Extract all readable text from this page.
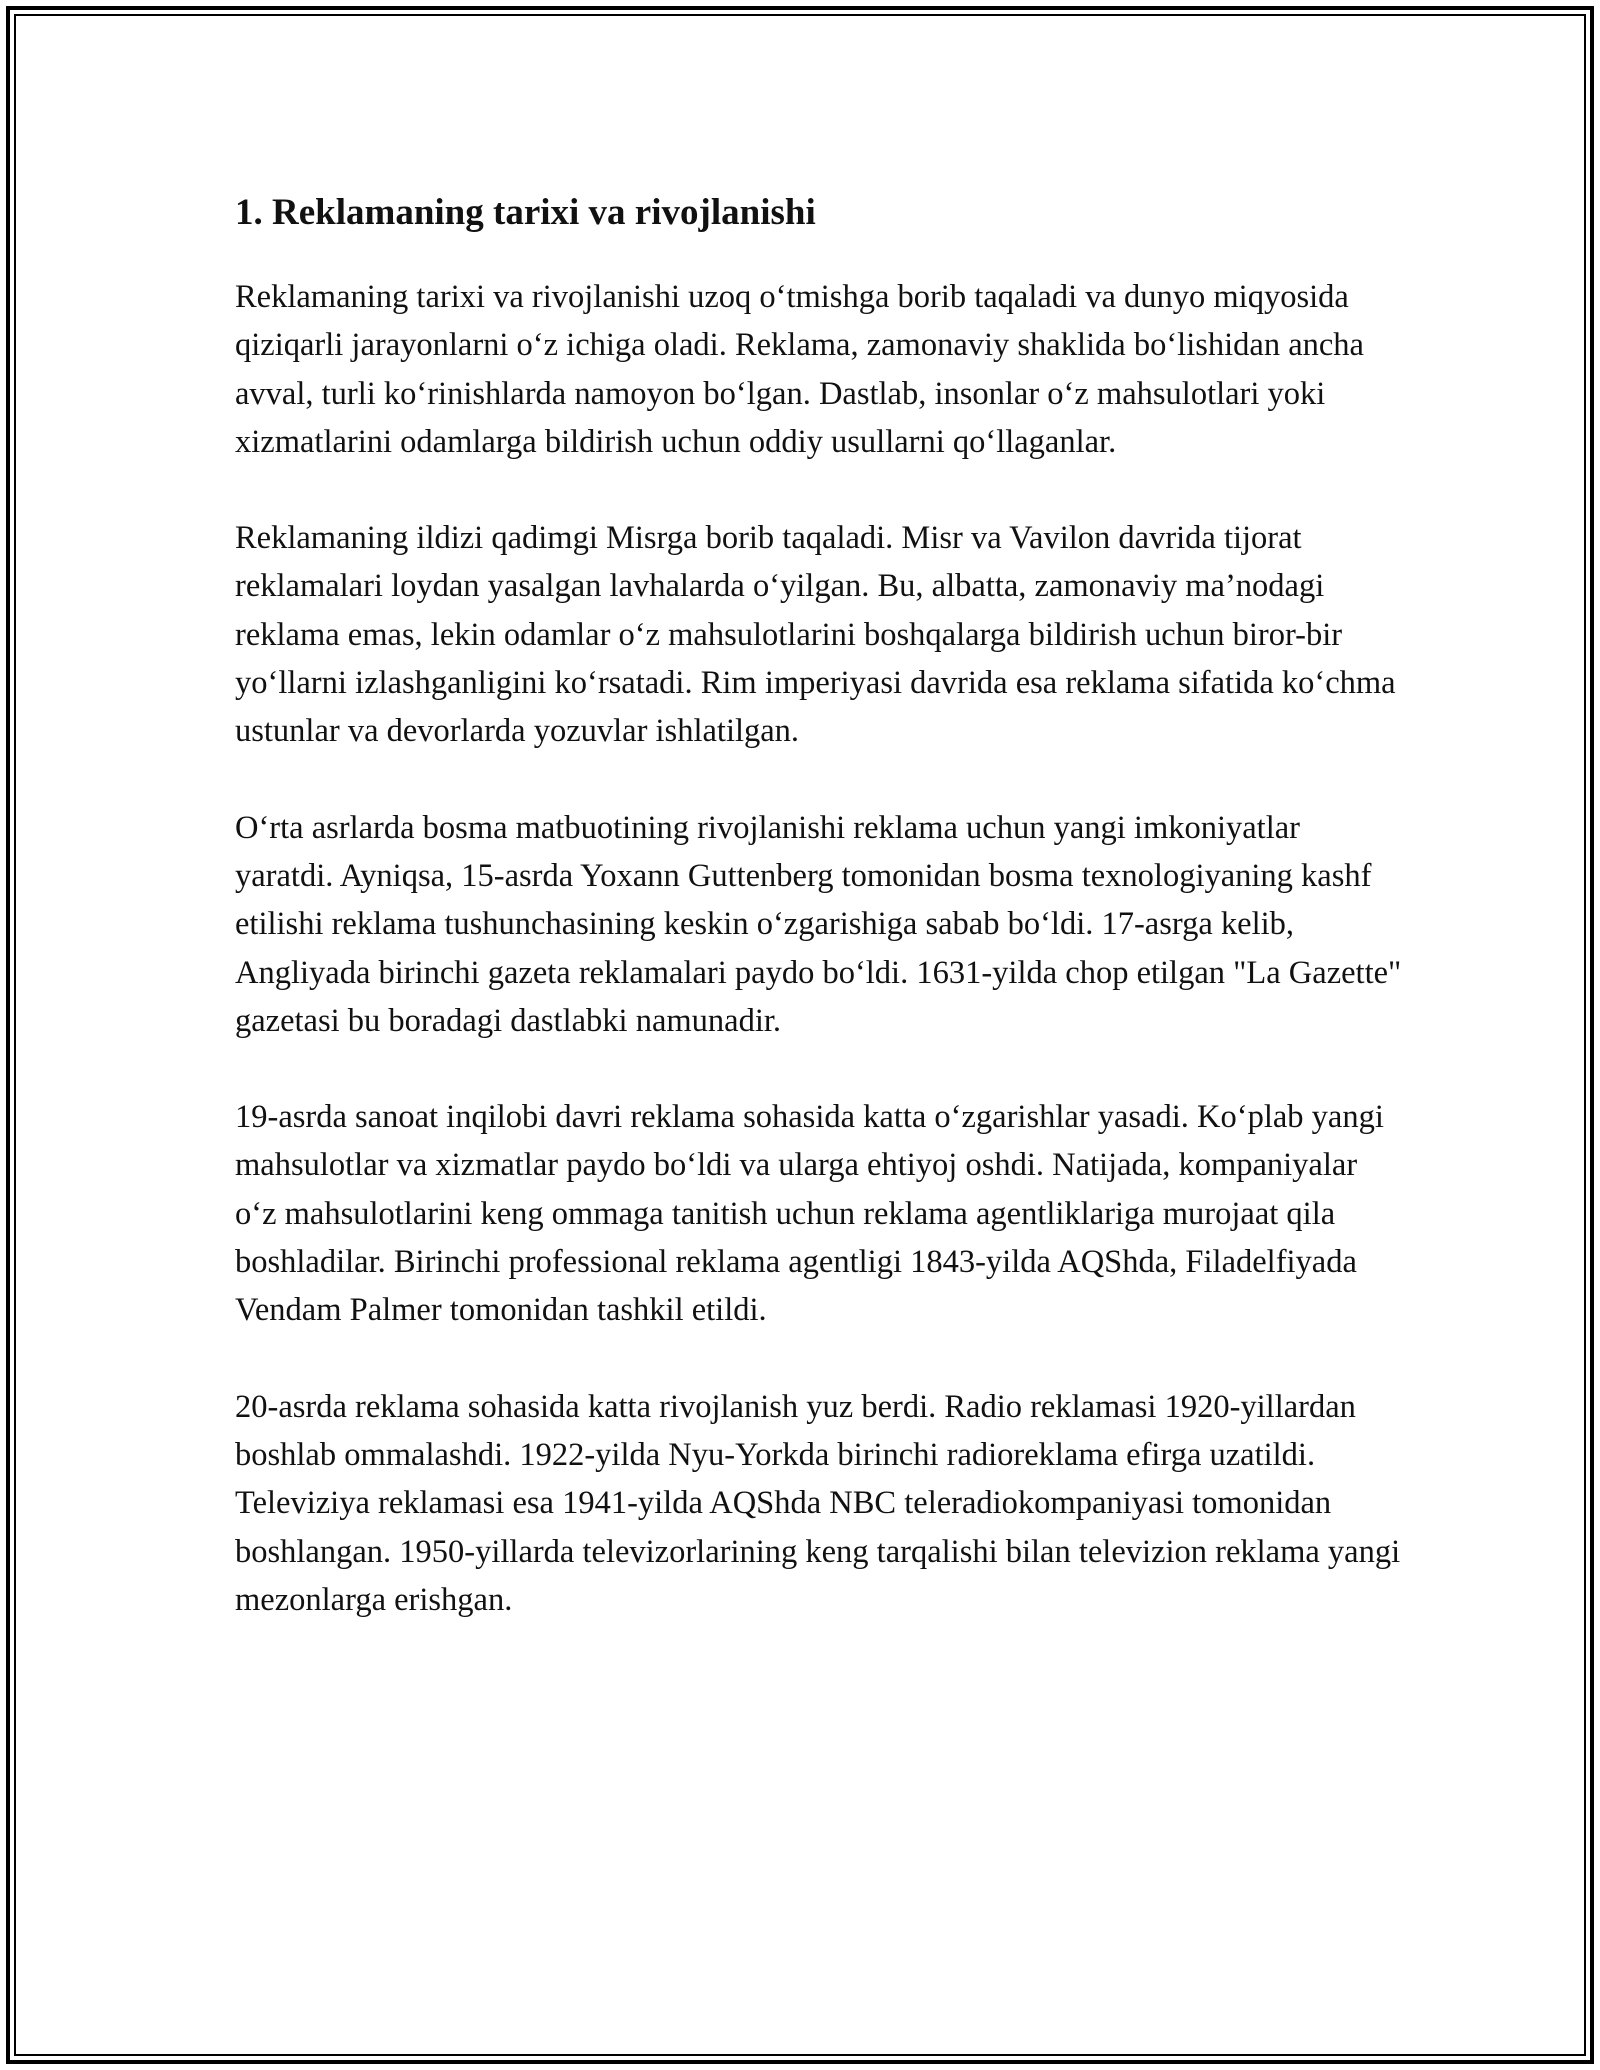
1. Reklamaning tarixi va rivojlanishi

Reklamaning tarixi va rivojlanishi uzoq o‘tmishga borib taqaladi va dunyo miqyosida qiziqarli jarayonlarni o‘z ichiga oladi. Reklama, zamonaviy shaklida bo‘lishidan ancha avval, turli ko‘rinishlarda namoyon bo‘lgan. Dastlab, insonlar o‘z mahsulotlari yoki xizmatlarini odamlarga bildirish uchun oddiy usullarni qo‘llaganlar.

Reklamaning ildizi qadimgi Misrga borib taqaladi. Misr va Vavilon davrida tijorat reklamalari loydan yasalgan lavhalarda o‘yilgan. Bu, albatta, zamonaviy ma’nodagi reklama emas, lekin odamlar o‘z mahsulotlarini boshqalarga bildirish uchun biror-bir yo‘llarni izlashganligini ko‘rsatadi. Rim imperiyasi davrida esa reklama sifatida ko‘chma ustunlar va devorlarda yozuvlar ishlatilgan.

O‘rta asrlarda bosma matbuotining rivojlanishi reklama uchun yangi imkoniyatlar yaratdi. Ayniqsa, 15-asrda Yoxann Guttenberg tomonidan bosma texnologiyaning kashf etilishi reklama tushunchasining keskin o‘zgarishiga sabab bo‘ldi. 17-asrga kelib, Angliyada birinchi gazeta reklamalari paydo bo‘ldi. 1631-yilda chop etilgan "La Gazette" gazetasi bu boradagi dastlabki namunadir.

19-asrda sanoat inqilobi davri reklama sohasida katta o‘zgarishlar yasadi. Ko‘plab yangi mahsulotlar va xizmatlar paydo bo‘ldi va ularga ehtiyoj oshdi. Natijada, kompaniyalar o‘z mahsulotlarini keng ommaga tanitish uchun reklama agentliklariga murojaat qila boshladilar. Birinchi professional reklama agentligi 1843-yilda AQShda, Filadelfiyada Vendam Palmer tomonidan tashkil etildi.

20-asrda reklama sohasida katta rivojlanish yuz berdi. Radio reklamasi 1920-yillardan boshlab ommalashdi. 1922-yilda Nyu-Yorkda birinchi radioreklama efirga uzatildi. Televiziya reklamasi esa 1941-yilda AQShda NBC teleradiokompaniyasi tomonidan boshlangan. 1950-yillarda televizorlarining keng tarqalishi bilan televizion reklama yangi mezonlarga erishgan.
